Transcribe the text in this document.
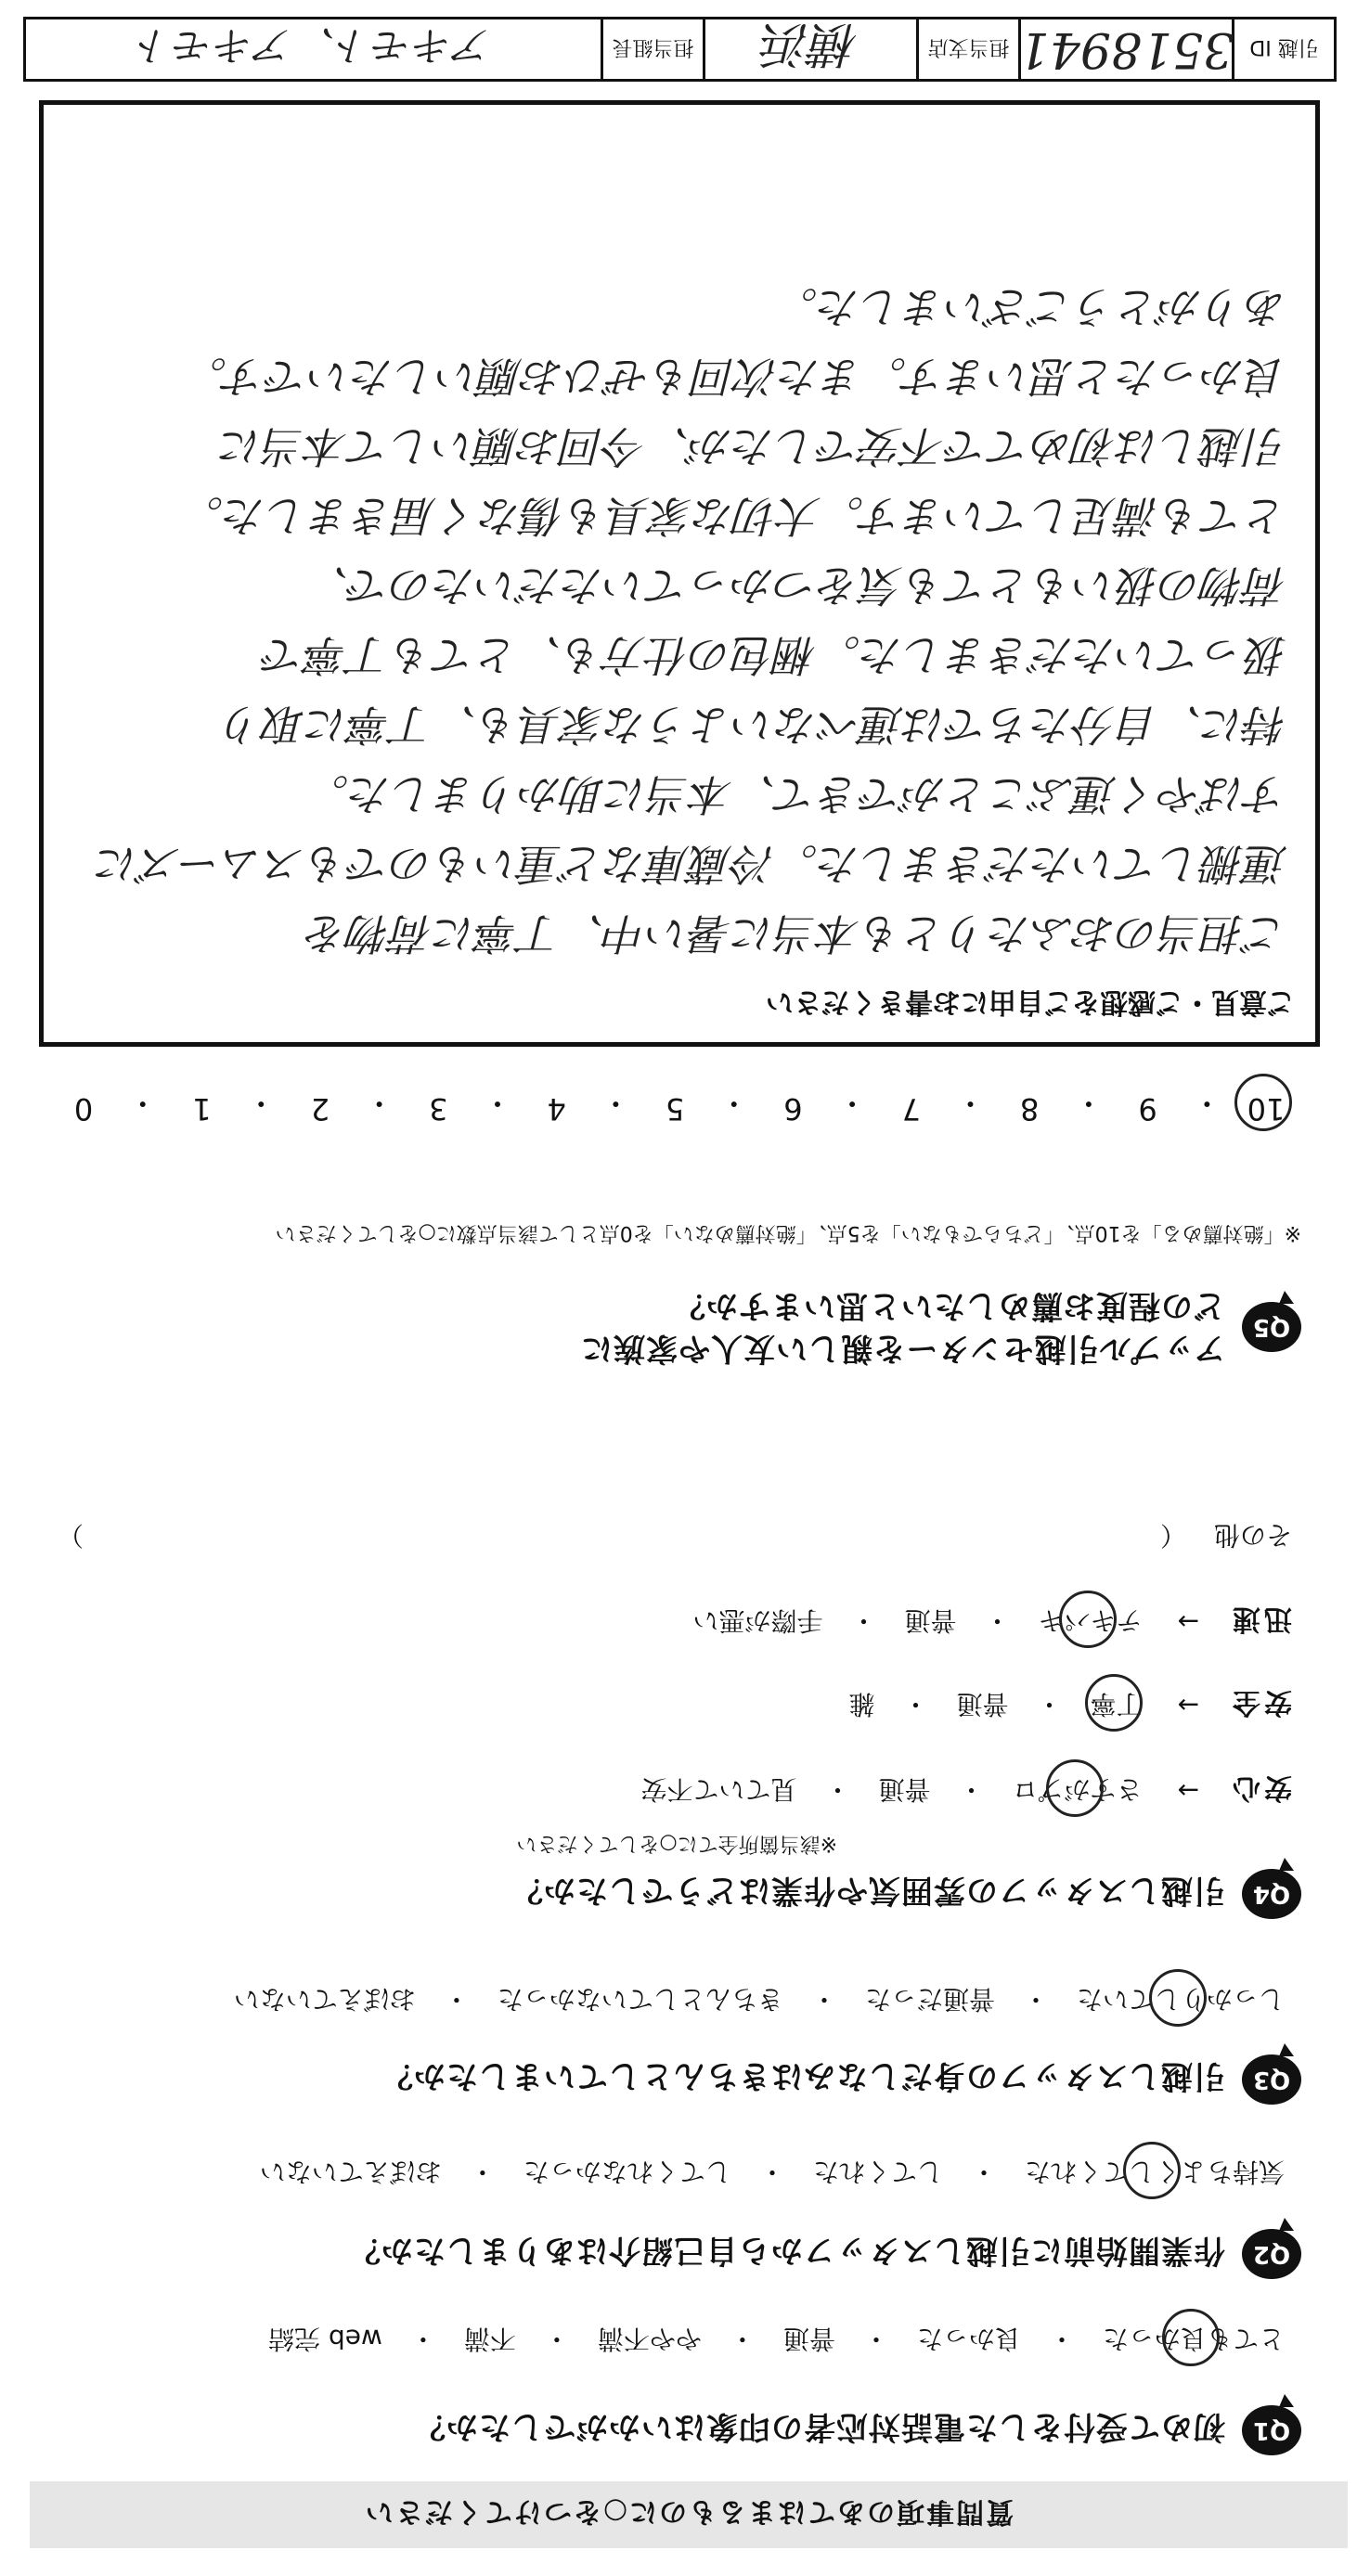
質問事項のあてはまるものに○をつけてください
Q1
初めて受付をした電話対応者の印象はいかがでしたか？
とても良かった
・
良かった
・
普通
・
やや不満
・
不満
・
web 完結
Q2
作業開始前に引越しスタッフから自己紹介はありましたか？
気持ちよくしてくれた
・
してくれた
・
してくれなかった
・
おぼえていない
Q3
引越しスタッフの身だしなみはきちんとしていましたか？
しっかりしていた
・
普通だった
・
きちんとしていなかった
・
おぼえていない
Q4
引越しスタッフの雰囲気や作業はどうでしたか？
※該当箇所全てに○をしてください
安心
→
さすがプロ
・
普通
・
見ていて不安
安全
→
丁寧
・
普通
・
雑
迅速
→
テキパキ
・
普通
・
手際が悪い
その他
（
）
Q5
アップル引越センターを親しい友人や家族に
どの程度お薦めしたいと思いますか？
※「絶対薦める」を10点、「どちらでもない」を5点、「絶対薦めない」を0点として該当点数に○をしてください
10
・
9
・
8
・
7
・
6
・
5
・
4
・
3
・
2
・
1
・
0
ご意見・ご感想をご自由にお書きください
ご担当のおふたりとも本当に暑い中、丁寧に荷物を
運搬していただきました。冷蔵庫など重いものでもスムーズに
すばやく運ぶことができて、本当に助かりました。
特に、自分たちでは運べないような家具も、丁寧に取り
扱っていただきました。梱包の仕方も、とても丁寧で
荷物の扱いもとても気をつかっていただいたので、
とても満足しています。大切な家具も傷なく届きました。
引越しは初めてで不安でしたが、今回お願いして本当に
良かったと思います。また次回もぜひお願いしたいです。
ありがとうございました。
引越 ID
3518941
担当支店
横浜
担当組長
アキモト、アキモト
